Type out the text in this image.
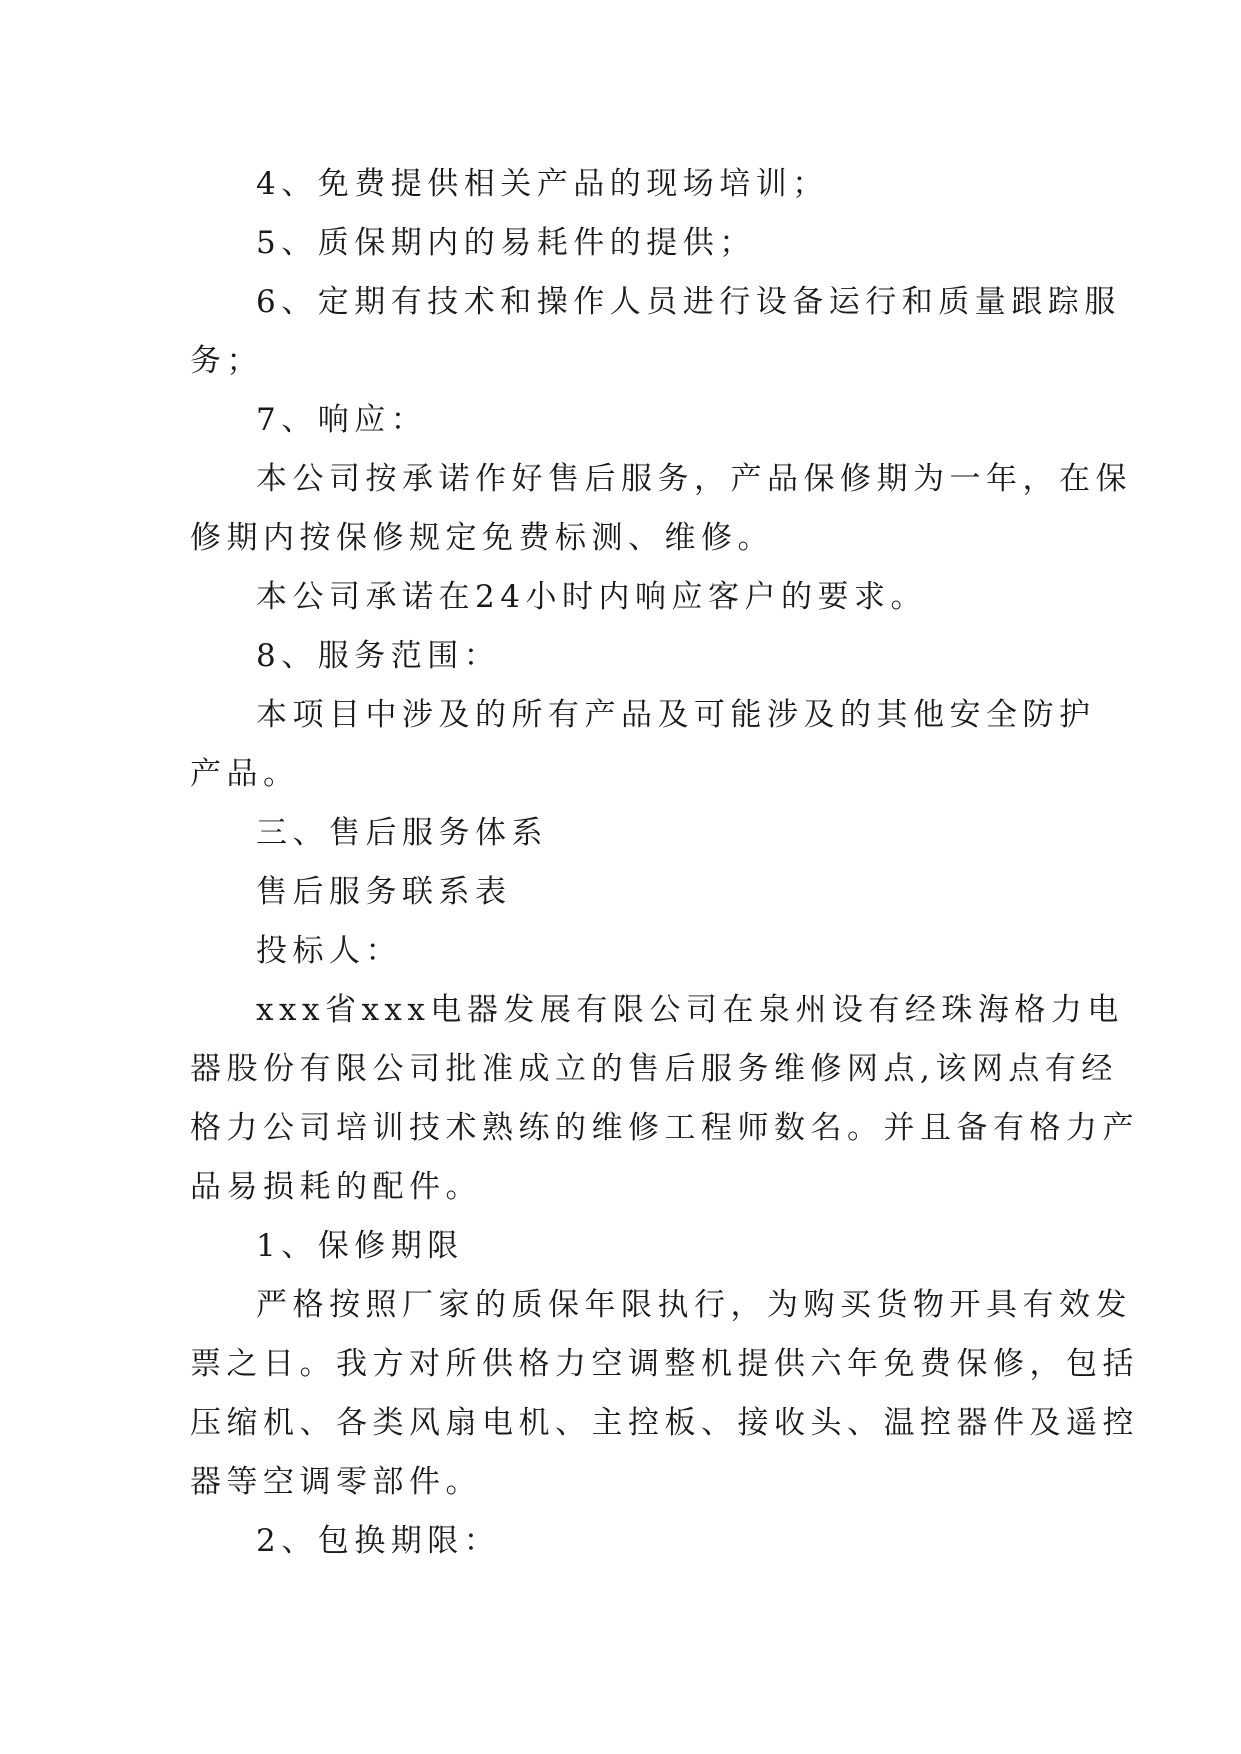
4、免费提供相关产品的现场培训；

5、质保期内的易耗件的提供；

6、定期有技术和操作人员进行设备运行和质量跟踪服

务；

7、响应：

本公司按承诺作好售后服务，产品保修期为一年，在保

修期内按保修规定免费标测、维修。

本公司承诺在24小时内响应客户的要求。

8、服务范围：

本项目中涉及的所有产品及可能涉及的其他安全防护

产品。

三、售后服务体系

售后服务联系表

投标人：

xxx省xxx电器发展有限公司在泉州设有经珠海格力电

器股份有限公司批准成立的售后服务维修网点,该网点有经

格力公司培训技术熟练的维修工程师数名。并且备有格力产

品易损耗的配件。

1、保修期限

严格按照厂家的质保年限执行，为购买货物开具有效发

票之日。我方对所供格力空调整机提供六年免费保修，包括

压缩机、各类风扇电机、主控板、接收头、温控器件及遥控

器等空调零部件。

2、包换期限：
